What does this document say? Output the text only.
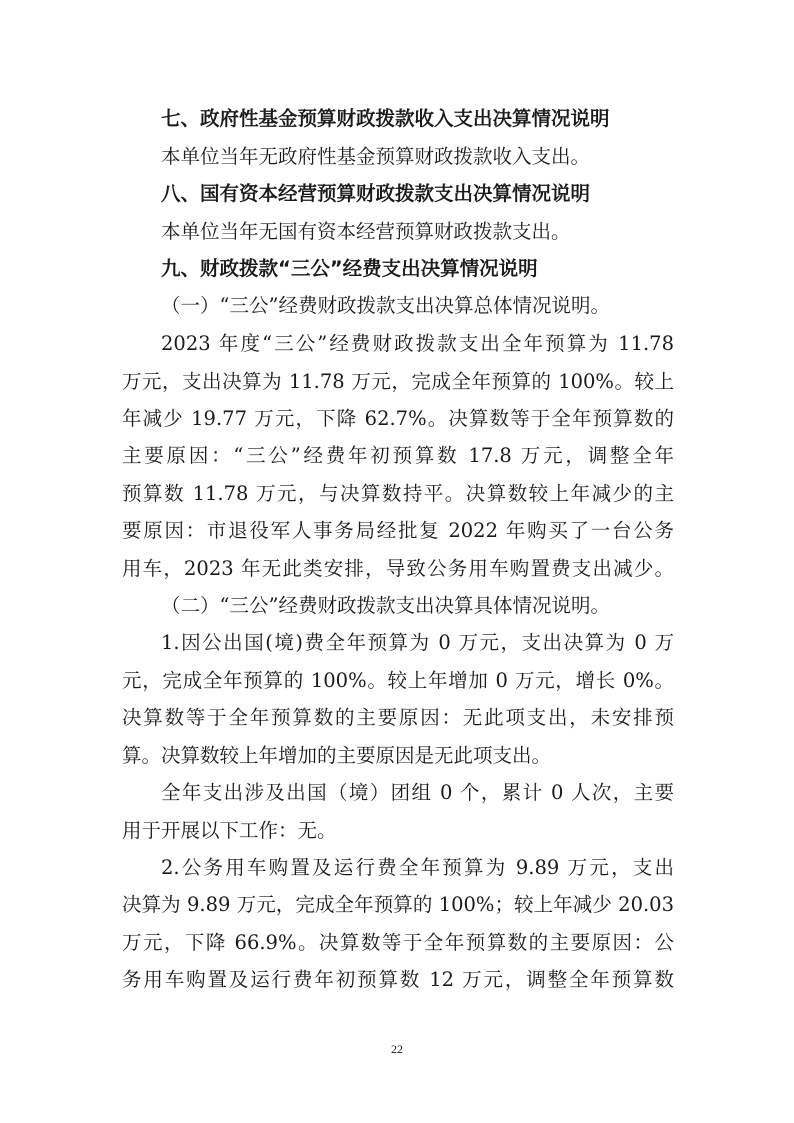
七、政府性基金预算财政拨款收入支出决算情况说明
本单位当年无政府性基金预算财政拨款收入支出。
八、国有资本经营预算财政拨款支出决算情况说明
本单位当年无国有资本经营预算财政拨款支出。
九、财政拨款“三公”经费支出决算情况说明
（一）“三公”经费财政拨款支出决算总体情况说明。
2023 年度“三公”经费财政拨款支出全年预算为 11.78
万元，支出决算为 11.78 万元，完成全年预算的 100%。较上
年减少 19.77 万元，下降 62.7%。决算数等于全年预算数的
主要原因：“三公”经费年初预算数 17.8 万元，调整全年
预算数 11.78 万元，与决算数持平。决算数较上年减少的主
要原因：市退役军人事务局经批复 2022 年购买了一台公务
用车，2023 年无此类安排，导致公务用车购置费支出减少。
（二）“三公”经费财政拨款支出决算具体情况说明。
1.因公出国(境)费全年预算为 0 万元，支出决算为 0 万
元，完成全年预算的 100%。较上年增加 0 万元，增长 0%。
决算数等于全年预算数的主要原因：无此项支出，未安排预
算。决算数较上年增加的主要原因是无此项支出。
全年支出涉及出国（境）团组 0 个，累计 0 人次，主要
用于开展以下工作：无。
2.公务用车购置及运行费全年预算为 9.89 万元，支出
决算为 9.89 万元，完成全年预算的 100%；较上年减少 20.03
万元，下降 66.9%。决算数等于全年预算数的主要原因：公
务用车购置及运行费年初预算数 12 万元，调整全年预算数
22
